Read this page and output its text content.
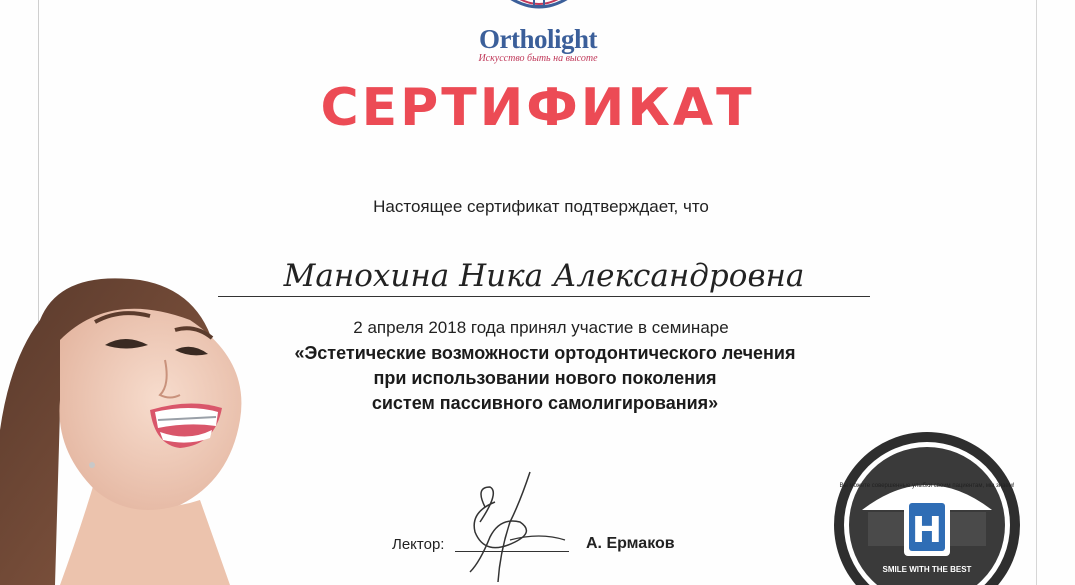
Ortholight
Искусство быть на высоте
СЕРТИФИКАТ
Настоящее сертификат подтверждает, что
Манохина Ника Александровна
2 апреля 2018 года принял участие в семинаре
«Эстетические возможности ортодонтического лечения
при использовании нового поколения
систем пассивного самолигирования»
Лектор:	А. Ермаков
Вы можете совершенные улыбки своим пациентам, мы знаем!
H
SMILE WITH THE BEST
